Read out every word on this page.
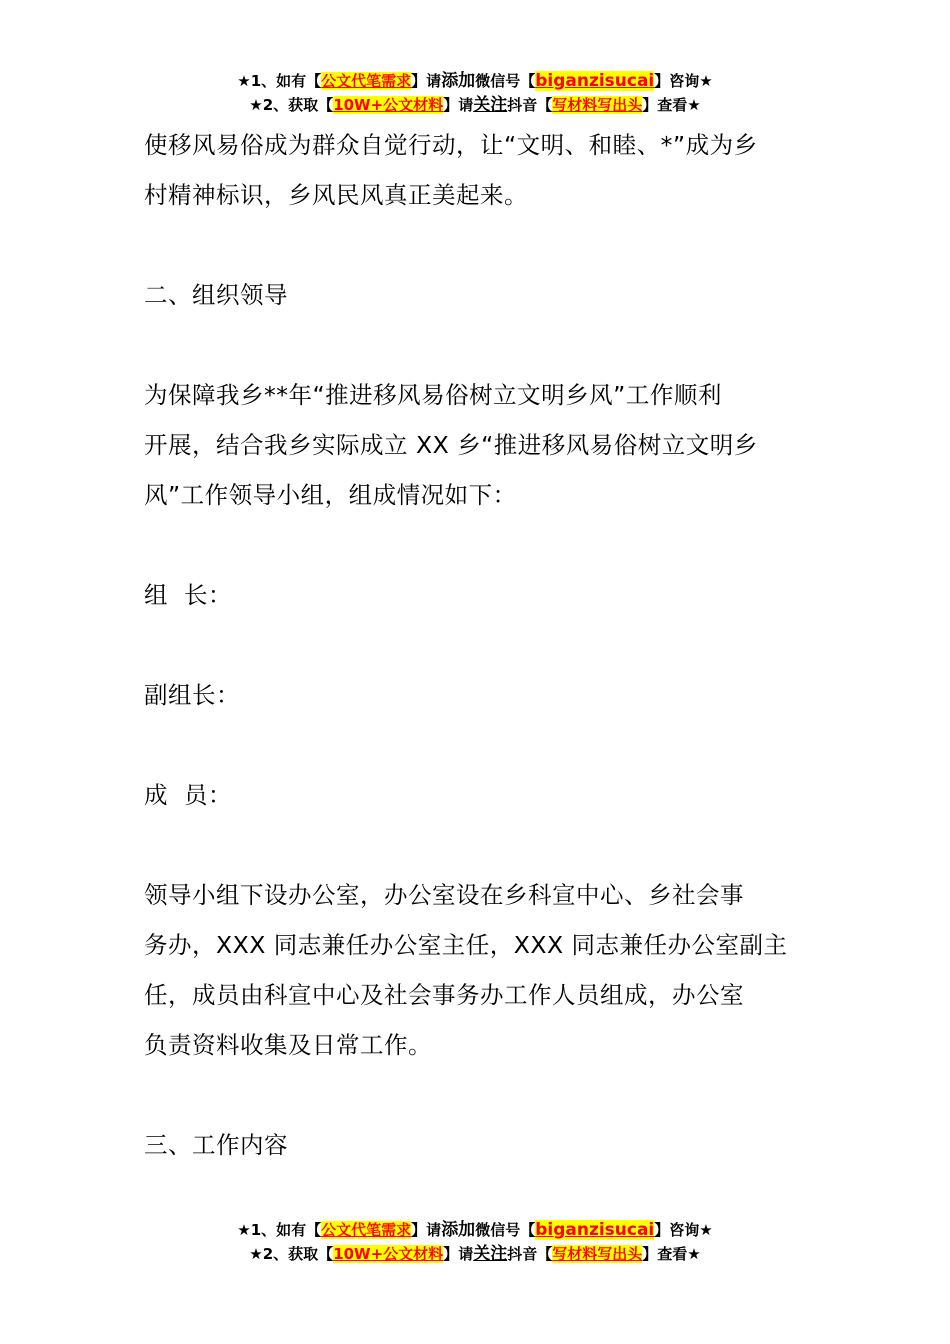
★1、如有【公文代笔需求】请添加微信号【biganzisucai】咨询★
★2、获取【10W+公文材料】请关注抖音【写材料写出头】查看★

使移风易俗成为群众自觉行动，让“文明、和睦、*”成为乡

村精神标识，乡风民风真正美起来。

二、组织领导

为保障我乡**年“推进移风易俗树立文明乡风”工作顺利

开展，结合我乡实际成立 XX 乡“推进移风易俗树立文明乡

风”工作领导小组，组成情况如下：

组  长：

副组长：

成  员：

领导小组下设办公室，办公室设在乡科宣中心、乡社会事

务办，XXX 同志兼任办公室主任，XXX 同志兼任办公室副主

任，成员由科宣中心及社会事务办工作人员组成，办公室

负责资料收集及日常工作。

三、工作内容

★1、如有【公文代笔需求】请添加微信号【biganzisucai】咨询★
★2、获取【10W+公文材料】请关注抖音【写材料写出头】查看★
